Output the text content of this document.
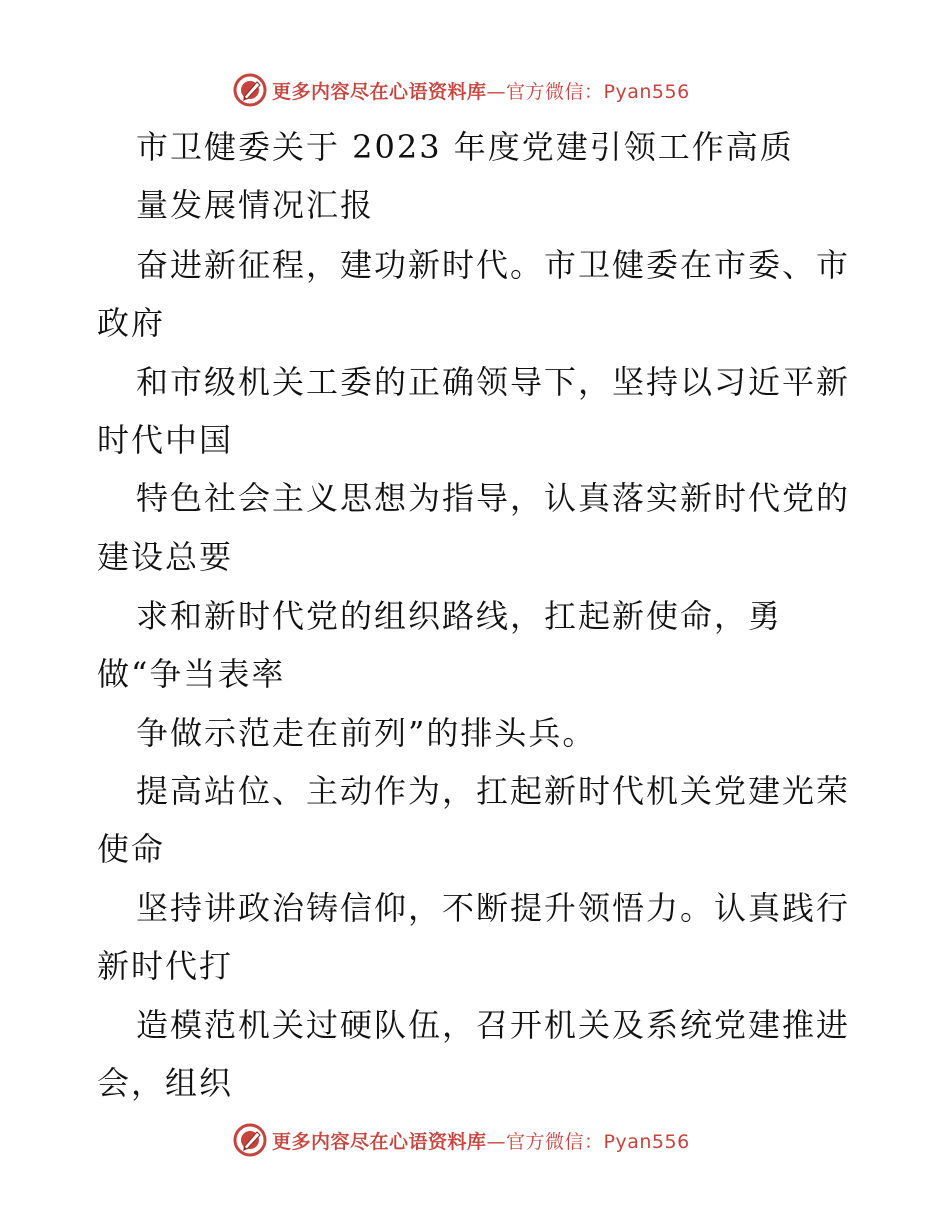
更多内容尽在心语资料库—官方微信：Pyan556
市卫健委关于 2023 年度党建引领工作高质
量发展情况汇报
奋进新征程，建功新时代。市卫健委在市委、市
政府
和市级机关工委的正确领导下，坚持以习近平新
时代中国
特色社会主义思想为指导，认真落实新时代党的
建设总要
求和新时代党的组织路线，扛起新使命，勇
做“争当表率
争做示范走在前列”的排头兵。
提高站位、主动作为，扛起新时代机关党建光荣
使命
坚持讲政治铸信仰，不断提升领悟力。认真践行
新时代打
造模范机关过硬队伍，召开机关及系统党建推进
会，组织
更多内容尽在心语资料库—官方微信：Pyan556
